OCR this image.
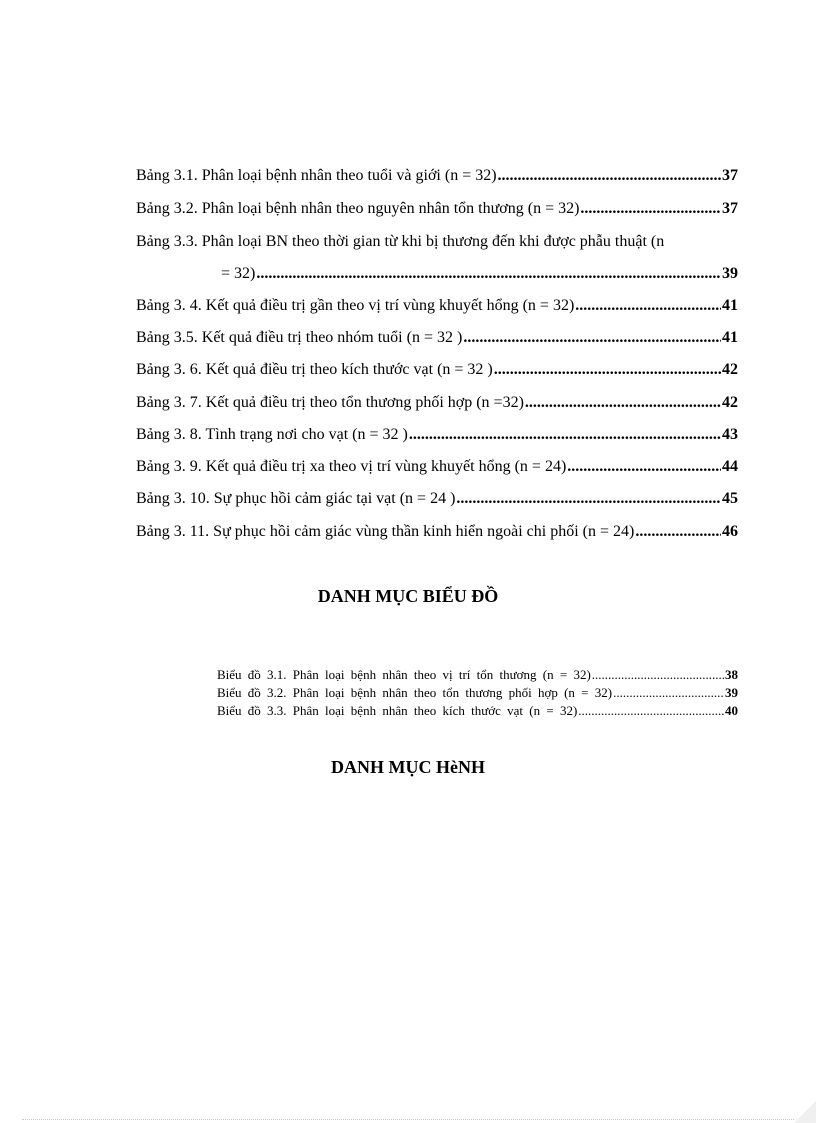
Bảng 3.1. Phân loại bệnh nhân theo tuổi và giới (n = 32) .....	37
Bảng 3.2. Phân loại bệnh nhân theo nguyên nhân tổn thương (n = 32) .....	37
Bảng 3.3. Phân loại BN theo thời gian từ khi bị thương đến khi được phẫu thuật (n
= 32) .....	39
Bảng 3. 4. Kết quả điều trị gần theo vị trí vùng khuyết hổng (n = 32) .....	41
Bảng 3.5. Kết quả điều trị theo nhóm tuổi (n = 32 ) .....	41
Bảng 3. 6. Kết quả điều trị theo kích thước vạt (n = 32 ) .....	42
Bảng 3. 7. Kết quả điều trị theo tổn thương phối hợp (n =32) .....	42
Bảng 3. 8. Tình trạng nơi cho vạt (n = 32 ) .....	43
Bảng 3. 9. Kết quả điều trị xa theo vị trí vùng khuyết hổng (n = 24) .....	44
Bảng 3. 10. Sự phục hồi cảm giác tại vạt (n = 24 ) .....	45
Bảng 3. 11. Sự phục hồi cảm giác vùng thần kinh hiển ngoài chi phối (n = 24) .....	46
DANH MỤC BIỂU ĐỒ
Biểu đồ 3.1. Phân loại bệnh nhân theo vị trí tổn thương (n = 32) .....	38
Biểu đồ 3.2. Phân loại bệnh nhân theo tổn thương phối hợp (n = 32) .....	39
Biểu đồ 3.3. Phân loại bệnh nhân theo kích thước vạt (n = 32) .....	40
DANH MỤC HèNH
